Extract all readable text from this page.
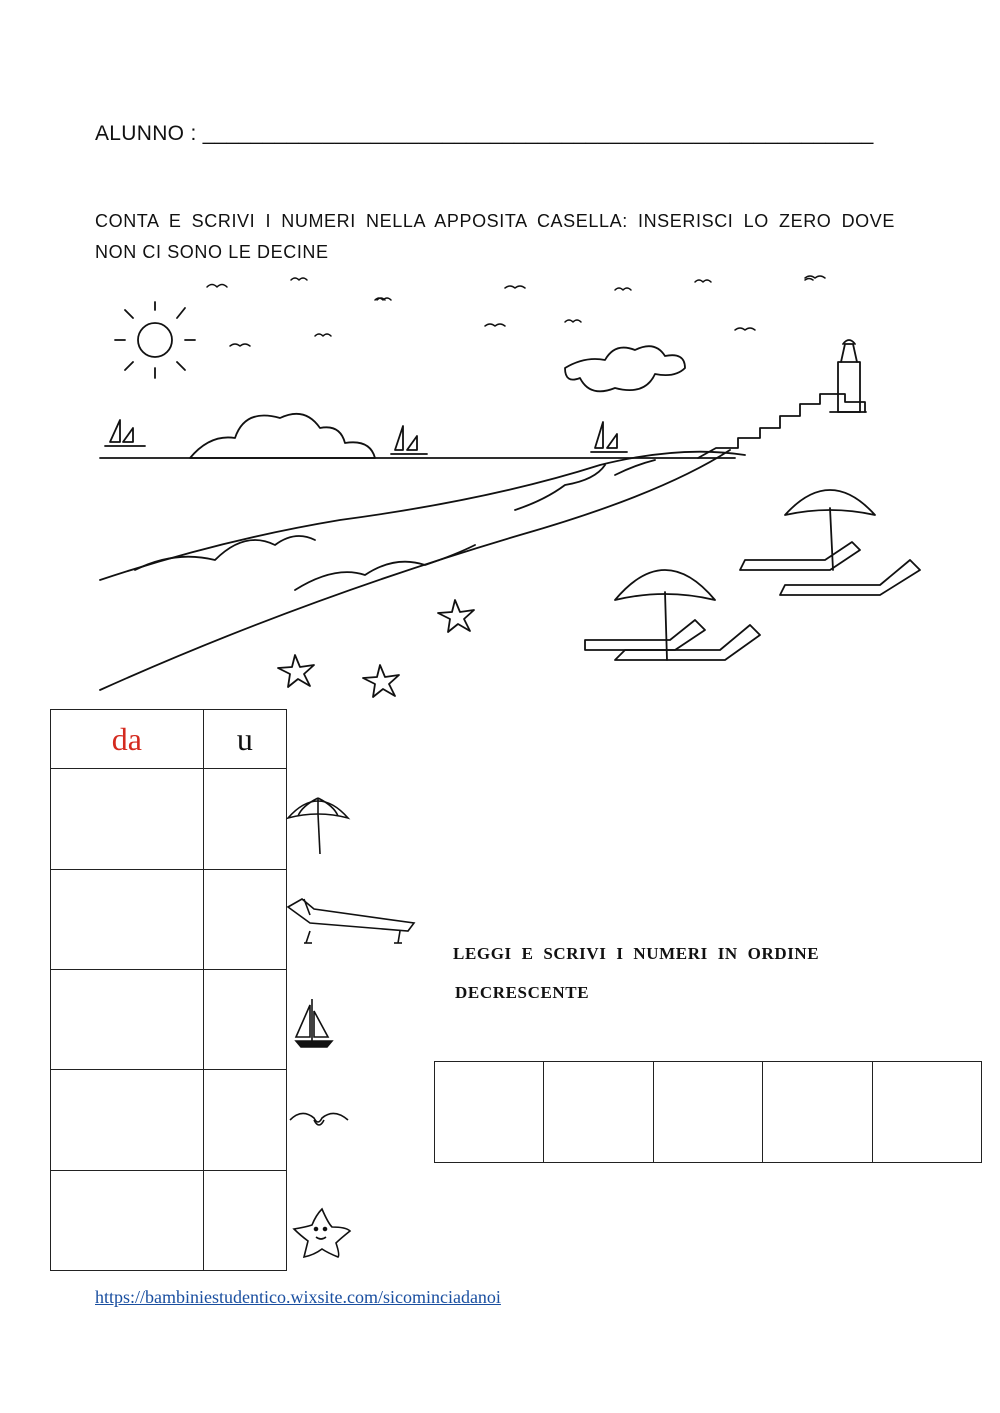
ALUNNO : ________________________________________________________
CONTA E SCRIVI I NUMERI NELLA APPOSITA CASELLA: INSERISCI LO ZERO DOVE
NON CI SONO LE DECINE
da	u

LEGGI E SCRIVI I NUMERI IN ORDINE
DECRESCENTE

https://bambiniestudentico.wixsite.com/sicominciadanoi
